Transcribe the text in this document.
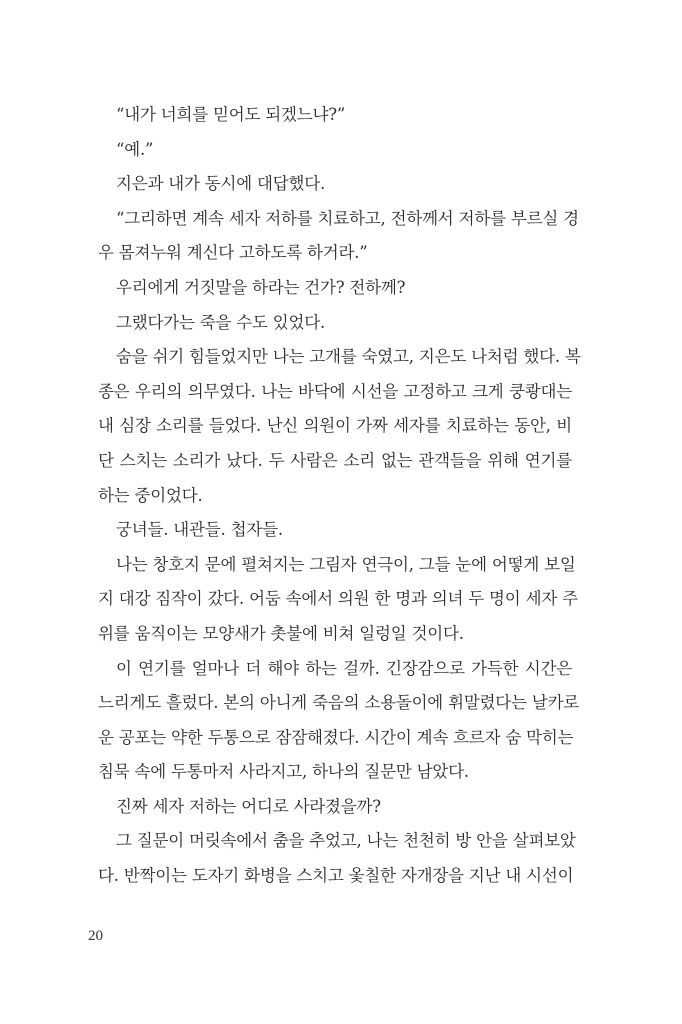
“내가 너희를 믿어도 되겠느냐?”

“예.”

지은과 내가 동시에 대답했다.

“그리하면 계속 세자 저하를 치료하고, 전하께서 저하를 부르실 경
우 몸져누워 계신다 고하도록 하거라.”

우리에게 거짓말을 하라는 건가? 전하께?

그랬다가는 죽을 수도 있었다.

숨을 쉬기 힘들었지만 나는 고개를 숙였고, 지은도 나처럼 했다. 복
종은 우리의 의무였다. 나는 바닥에 시선을 고정하고 크게 쿵쾅대는
내 심장 소리를 들었다. 난신 의원이 가짜 세자를 치료하는 동안, 비
단 스치는 소리가 났다. 두 사람은 소리 없는 관객들을 위해 연기를
하는 중이었다.

궁녀들. 내관들. 첩자들.

나는 창호지 문에 펼쳐지는 그림자 연극이, 그들 눈에 어떻게 보일
지 대강 짐작이 갔다. 어둠 속에서 의원 한 명과 의녀 두 명이 세자 주
위를 움직이는 모양새가 촛불에 비쳐 일렁일 것이다.

이 연기를 얼마나 더 해야 하는 걸까. 긴장감으로 가득한 시간은
느리게도 흘렀다. 본의 아니게 죽음의 소용돌이에 휘말렸다는 날카로
운 공포는 약한 두통으로 잠잠해졌다. 시간이 계속 흐르자 숨 막히는
침묵 속에 두통마저 사라지고, 하나의 질문만 남았다.

진짜 세자 저하는 어디로 사라졌을까?

그 질문이 머릿속에서 춤을 추었고, 나는 천천히 방 안을 살펴보았
다. 반짝이는 도자기 화병을 스치고 옻칠한 자개장을 지난 내 시선이

20
